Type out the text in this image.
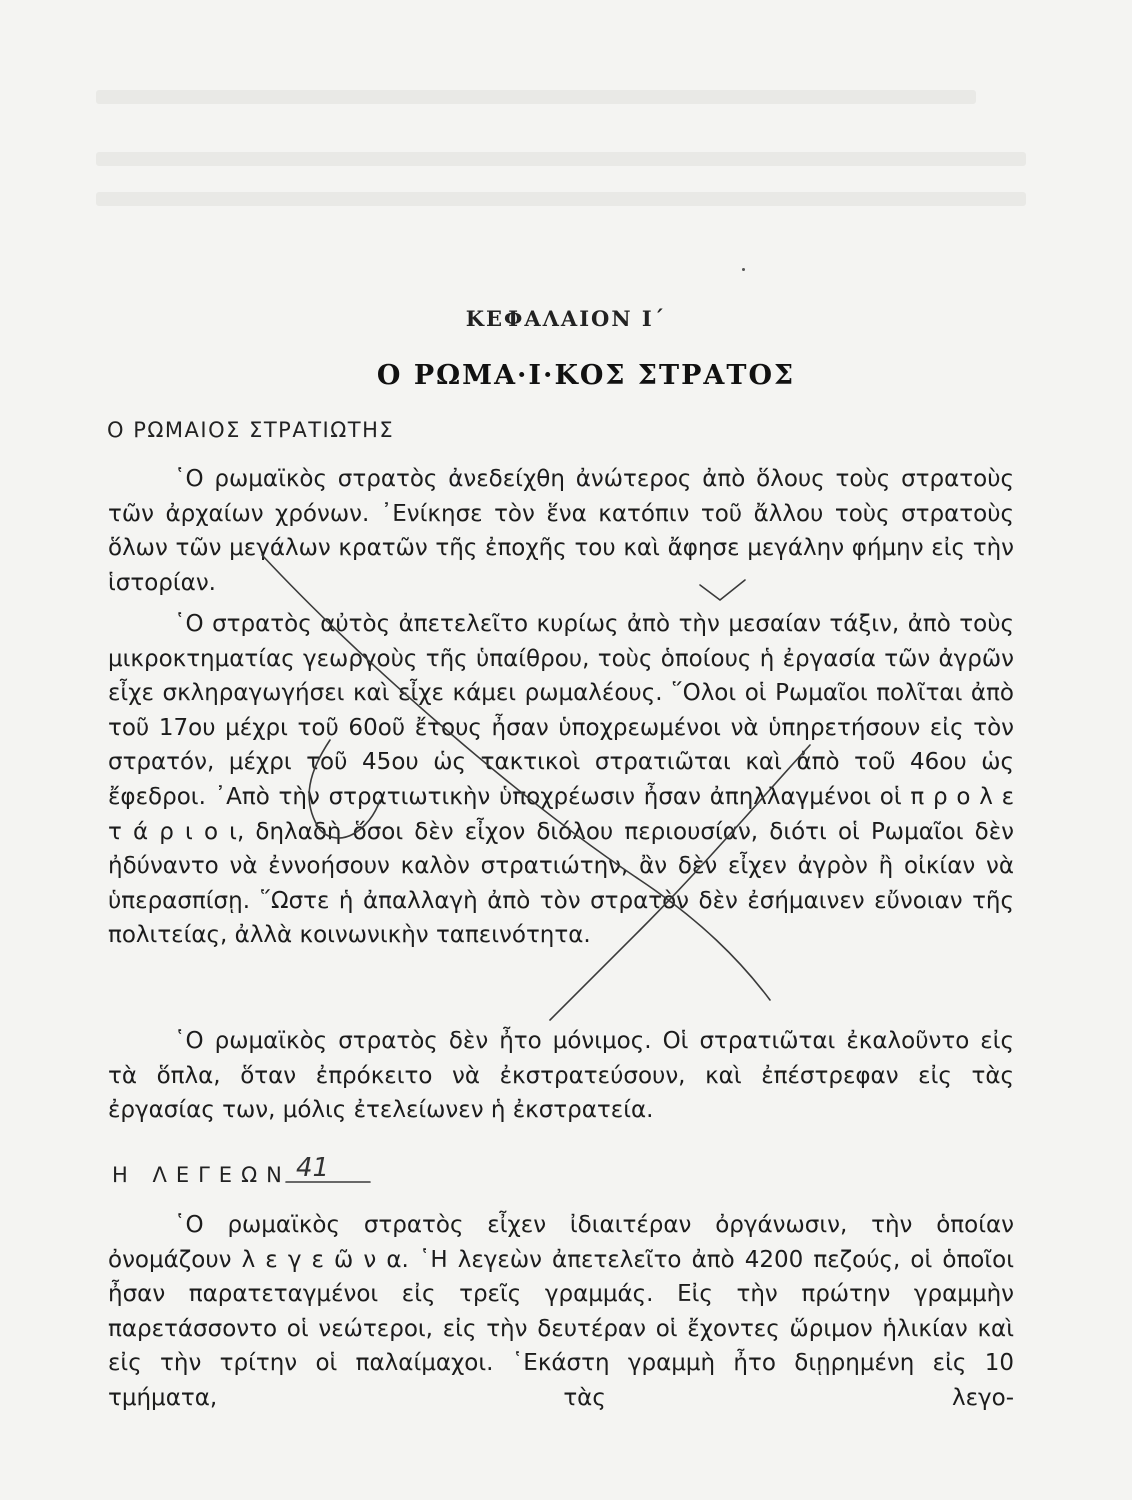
ΚΕΦΑΛΑΙΟΝ Ι΄
Ο ΡΩΜΑ·Ι·ΚΟΣ ΣΤΡΑΤΟΣ
Ο ΡΩΜΑΙΟΣ ΣΤΡΑΤΙΩΤΗΣ

῾Ο ρωμαϊκὸς στρατὸς ἀνεδείχθη ἀνώτερος ἀπὸ ὅλους τοὺς στρατοὺς τῶν ἀρχαίων χρόνων. ᾿Ενίκησε τὸν ἕνα κατόπιν τοῦ ἄλλου τοὺς στρατοὺς ὅλων τῶν μεγάλων κρατῶν τῆς ἐποχῆς του καὶ ἄφησε μεγάλην φήμην εἰς τὴν ἱστορίαν.

῾Ο στρατὸς αὐτὸς ἀπετελεῖτο κυρίως ἀπὸ τὴν μεσαίαν τάξιν, ἀπὸ τοὺς μικροκτηματίας γεωργοὺς τῆς ὑπαίθρου, τοὺς ὁποίους ἡ ἐργασία τῶν ἀγρῶν εἶχε σκληραγωγήσει καὶ εἶχε κάμει ρωμαλέους. ῞Ολοι οἱ Ρωμαῖοι πολῖται ἀπὸ τοῦ 17ου μέχρι τοῦ 60οῦ ἔτους ἦσαν ὑποχρεωμένοι νὰ ὑπηρετήσουν εἰς τὸν στρατόν, μέχρι τοῦ 45ου ὡς τακτικοὶ στρατιῶται καὶ ἀπὸ τοῦ 46ου ὡς ἔφεδροι. ᾿Απὸ τὴν στρατιωτικὴν ὑποχρέωσιν ἦσαν ἀπηλλαγμένοι οἱ π ρ ο λ ε τ ά ρ ι ο ι, δηλαδὴ ὅσοι δὲν εἶχον διόλου περιουσίαν, διότι οἱ Ρωμαῖοι δὲν ἠδύναντο νὰ ἐννοήσουν καλὸν στρατιώτην, ἂν δὲν εἶχεν ἀγρὸν ἢ οἰκίαν νὰ ὑπερασπίσῃ. ῞Ωστε ἡ ἀπαλλαγὴ ἀπὸ τὸν στρατὸν δὲν ἐσήμαινεν εὔνοιαν τῆς πολιτείας, ἀλλὰ κοινωνικὴν ταπεινότητα.

῾Ο ρωμαϊκὸς στρατὸς δὲν ἦτο μόνιμος. Οἱ στρατιῶται ἐκαλοῦντο εἰς τὰ ὅπλα, ὅταν ἐπρόκειτο νὰ ἐκστρατεύσουν, καὶ ἐπέστρεφαν εἰς τὰς ἐργασίας των, μόλις ἐτελείωνεν ἡ ἐκστρατεία.

Η ΛΕΓΕΩΝ

῾Ο ρωμαϊκὸς στρατὸς εἶχεν ἰδιαιτέραν ὀργάνωσιν, τὴν ὁποίαν ὀνομάζουν λ ε γ ε ῶ ν α. ῾Η λεγεὼν ἀπετελεῖτο ἀπὸ 4200 πεζούς, οἱ ὁποῖοι ἦσαν παρατεταγμένοι εἰς τρεῖς γραμμάς. Εἰς τὴν πρώτην γραμμὴν παρετάσσοντο οἱ νεώτεροι, εἰς τὴν δευτέραν οἱ ἔχοντες ὥριμον ἡλικίαν καὶ εἰς τὴν τρίτην οἱ παλαίμαχοι. ῾Εκάστη γραμμὴ ἦτο διῃρημένη εἰς 10 τμήματα, τὰς λεγο-

41
